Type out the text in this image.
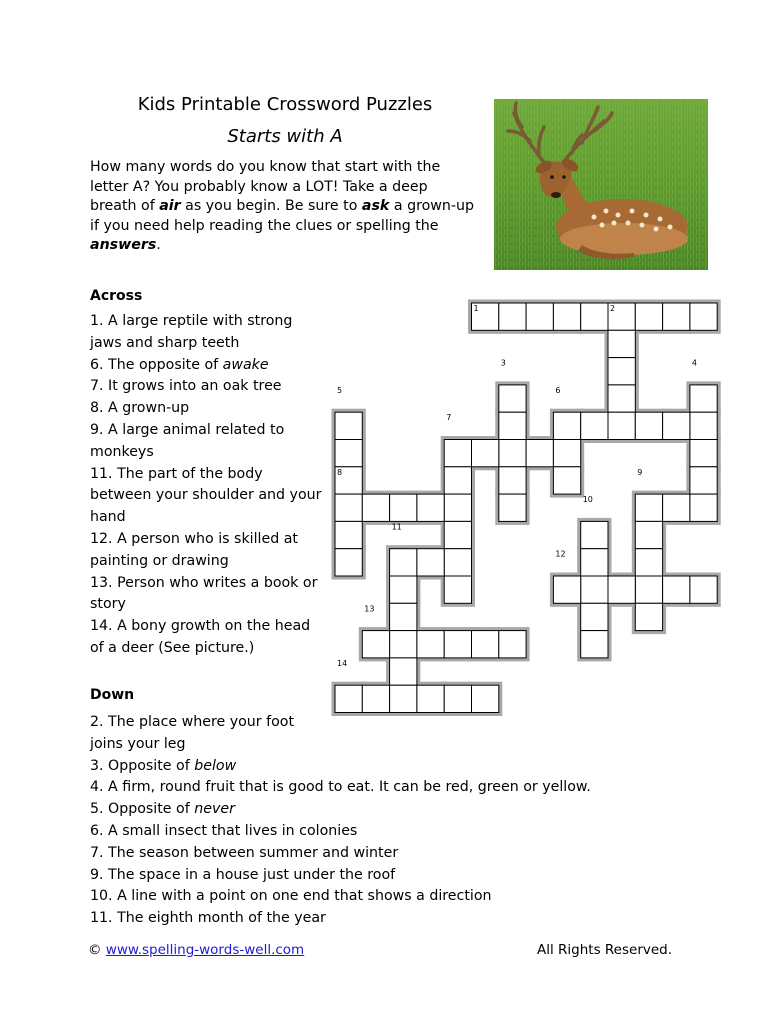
Kids Printable Crossword Puzzles
Starts with A
How many words do you know that start with the letter A? You probably know a LOT! Take a deep breath of air as you begin. Be sure to ask a grown-up if you need help reading the clues or spelling the answers.
Across
1. A large reptile with strong jaws and sharp teeth
6. The opposite of awake
7. It grows into an oak tree
8. A grown-up
9. A large animal related to monkeys
11. The part of the body between your shoulder and your hand
12. A person who is skilled at painting or drawing
13. Person who writes a book or story
14. A bony growth on the head of a deer (See picture.)
Down
2. The place where your foot joins your leg
3. Opposite of below
4. A firm, round fruit that is good to eat. It can be red, green or yellow.
5. Opposite of never
6. A small insect that lives in colonies
7. The season between summer and winter
9. The space in a house just under the roof
10. A line with a point on one end that shows a direction
11. The eighth month of the year
1	2
3	4
5	6
7
8	9
10
11
12
13
14
© www.spelling-words-well.com	All Rights Reserved.
